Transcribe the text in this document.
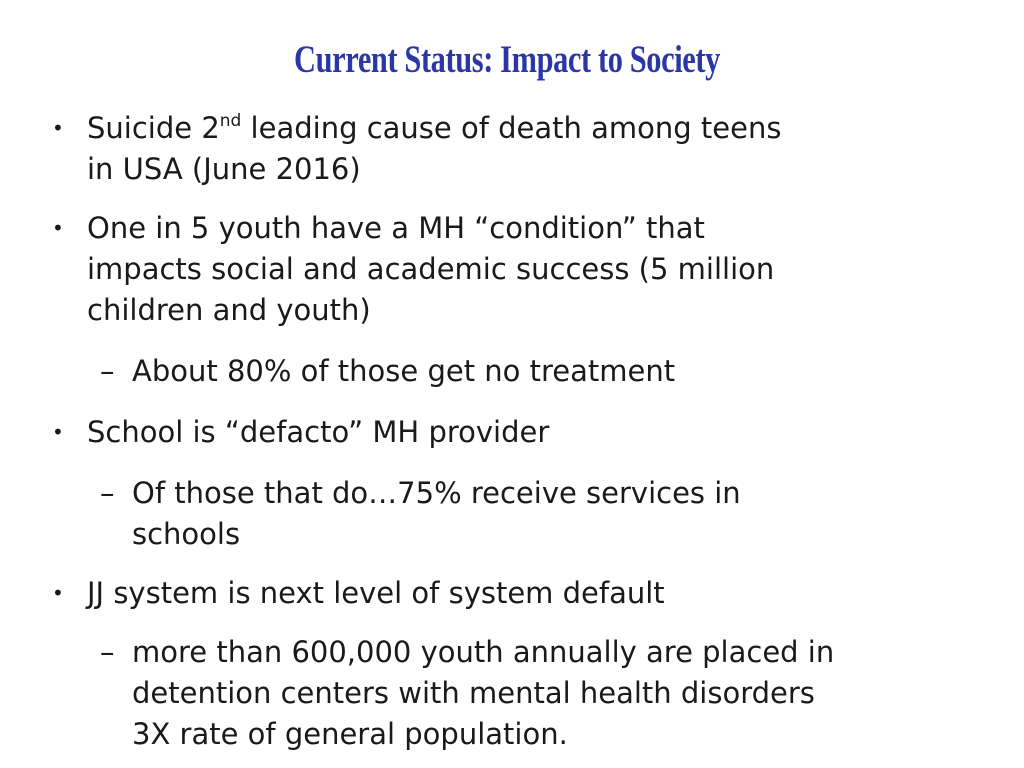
Current Status: Impact to Society
• Suicide 2nd leading cause of death among teens
in USA (June 2016)
• One in 5 youth have a MH “condition” that
impacts social and academic success (5 million
children and youth)
– About 80% of those get no treatment
• School is “defacto” MH provider
– Of those that do…75% receive services in
schools
• JJ system is next level of system default
– more than 600,000 youth annually are placed in
detention centers with mental health disorders
3X rate of general population.
